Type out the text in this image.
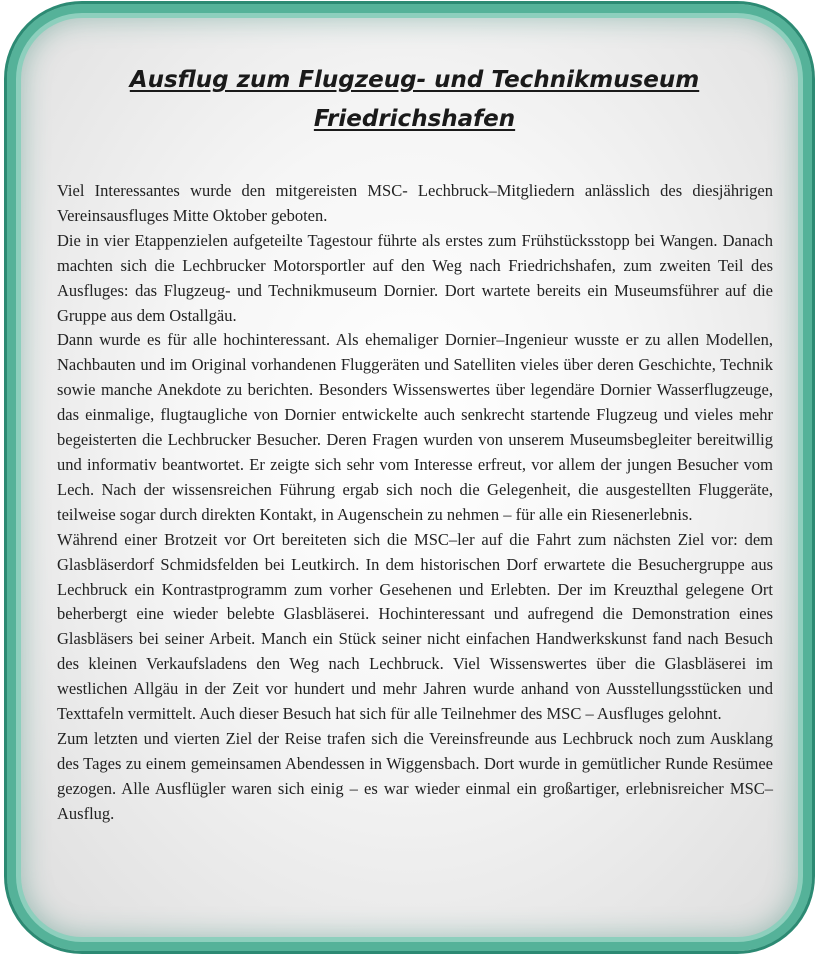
Ausflug zum Flugzeug- und Technikmuseum
Friedrichshafen

Viel Interessantes wurde den mitgereisten MSC- Lechbruck–Mitgliedern anlässlich des diesjährigen Vereinsausfluges Mitte Oktober geboten.

Die in vier Etappenzielen aufgeteilte Tagestour führte als erstes zum Frühstücksstopp bei Wangen. Danach machten sich die Lechbrucker Motorsportler auf den Weg nach Friedrichshafen, zum zweiten Teil des Ausfluges: das Flugzeug- und Technikmuseum Dornier. Dort wartete bereits ein Museumsführer auf die Gruppe aus dem Ostallgäu.

Dann wurde es für alle hochinteressant. Als ehemaliger Dornier–Ingenieur wusste er zu allen Modellen, Nachbauten und im Original vorhandenen Fluggeräten und Satelliten vieles über deren Geschichte, Technik sowie manche Anekdote zu berichten. Besonders Wissenswertes über legendäre Dornier Wasserflugzeuge, das einmalige, flugtaugliche von Dornier entwickelte auch senkrecht startende Flugzeug und vieles mehr begeisterten die Lechbrucker Besucher. Deren Fragen wurden von unserem Museumsbegleiter bereitwillig und informativ beantwortet. Er zeigte sich sehr vom Interesse erfreut, vor allem der jungen Besucher vom Lech. Nach der wissensreichen Führung ergab sich noch die Gelegenheit, die ausgestellten Fluggeräte, teilweise sogar durch direkten Kontakt, in Augenschein zu nehmen – für alle ein Riesenerlebnis.

Während einer Brotzeit vor Ort bereiteten sich die MSC–ler auf die Fahrt zum nächsten Ziel vor: dem Glasbläserdorf Schmidsfelden bei Leutkirch. In dem historischen Dorf erwartete die Besuchergruppe aus Lechbruck ein Kontrastprogramm zum vorher Gesehenen und Erlebten. Der im Kreuzthal gelegene Ort beherbergt eine wieder belebte Glasbläserei. Hochinteressant und aufregend die Demonstration eines Glasbläsers bei seiner Arbeit. Manch ein Stück seiner nicht einfachen Handwerkskunst fand nach Besuch des kleinen Verkaufsladens den Weg nach Lechbruck. Viel Wissenswertes über die Glasbläserei im westlichen Allgäu in der Zeit vor hundert und mehr Jahren wurde anhand von Ausstellungsstücken und Texttafeln vermittelt. Auch dieser Besuch hat sich für alle Teilnehmer des MSC – Ausfluges gelohnt.

Zum letzten und vierten Ziel der Reise trafen sich die Vereinsfreunde aus Lechbruck noch zum Ausklang des Tages zu einem gemeinsamen Abendessen in Wiggensbach. Dort wurde in gemütlicher Runde Resümee gezogen. Alle Ausflügler waren sich einig – es war wieder einmal ein großartiger, erlebnisreicher MSC–Ausflug.
